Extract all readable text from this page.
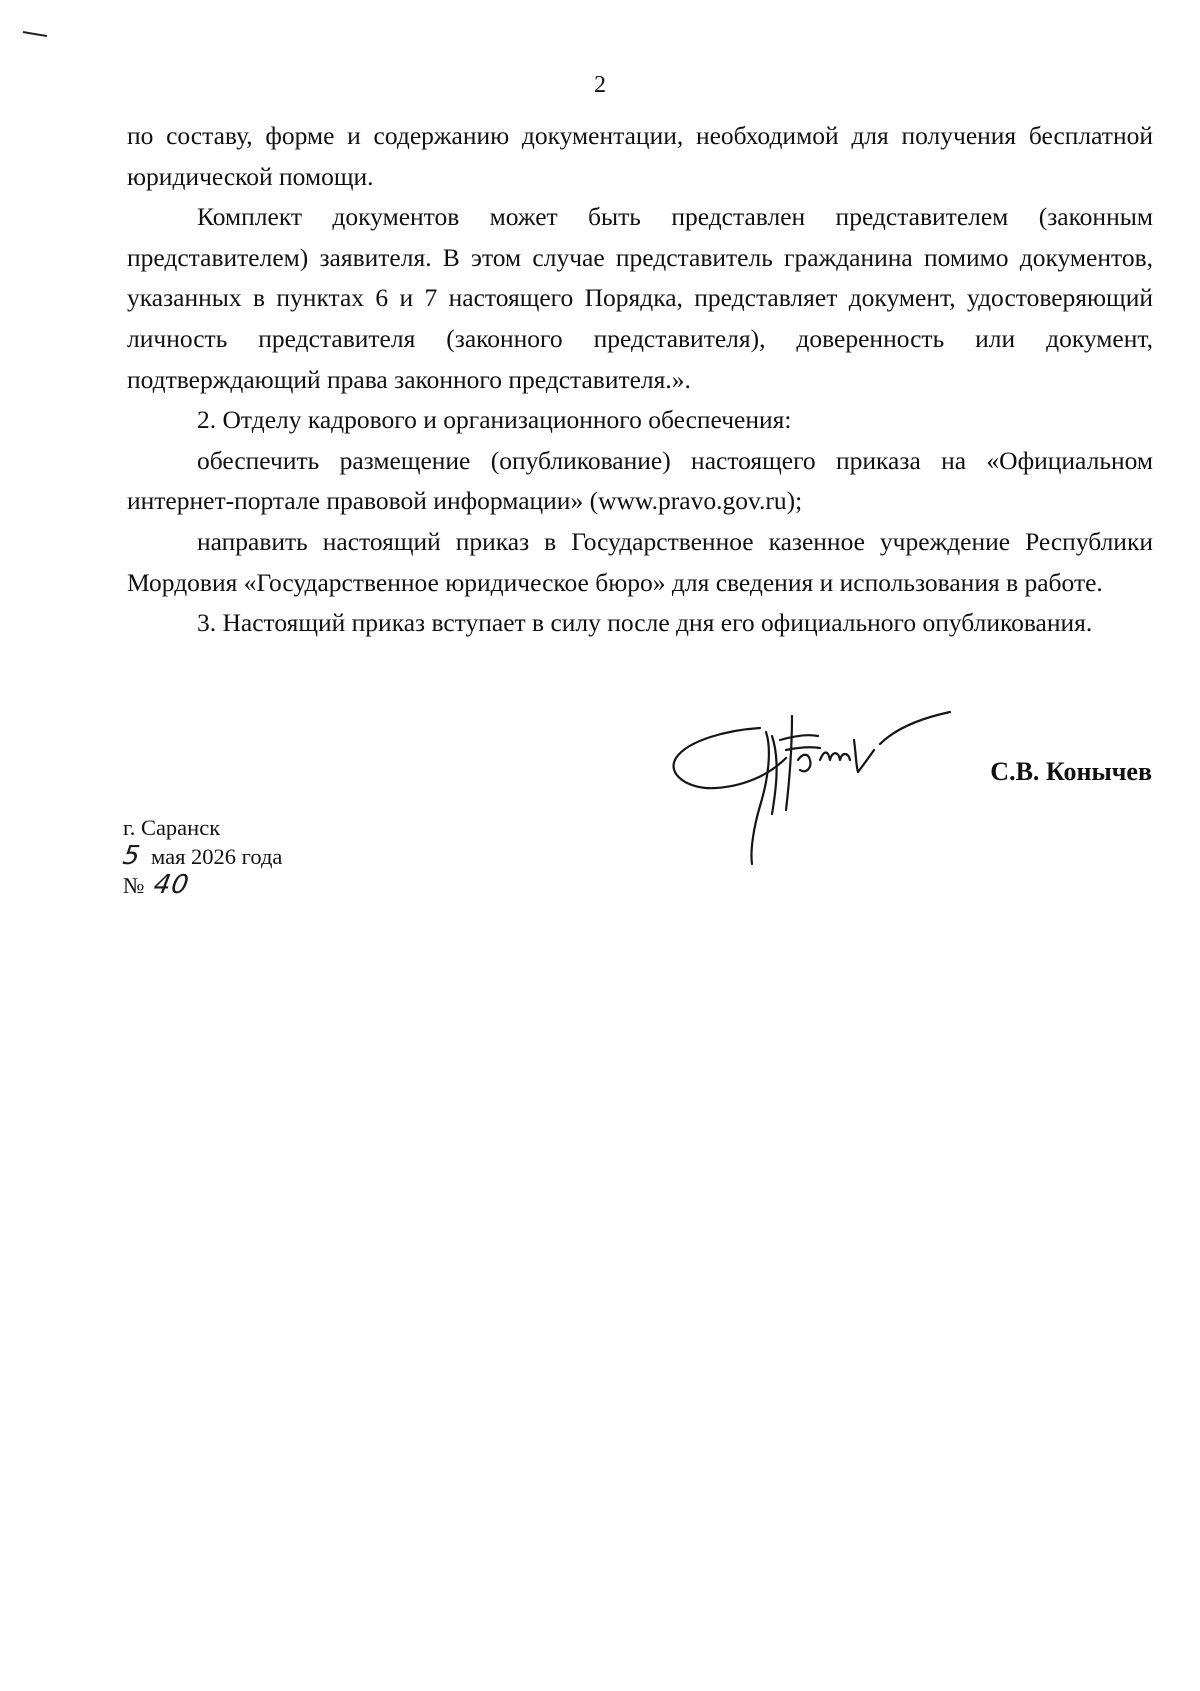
2

по составу, форме и содержанию документации, необходимой для получения бесплатной юридической помощи.

Комплект документов может быть представлен представителем (законным представителем) заявителя. В этом случае представитель гражданина помимо документов, указанных в пунктах 6 и 7 настоящего Порядка, представляет документ, удостоверяющий личность представителя (законного представителя), доверенность или документ, подтверждающий права законного представителя.».

2. Отделу кадрового и организационного обеспечения:

обеспечить размещение (опубликование) настоящего приказа на «Официальном интернет-портале правовой информации» (www.pravo.gov.ru);

направить настоящий приказ в Государственное казенное учреждение Республики Мордовия «Государственное юридическое бюро» для сведения и использования в работе.

3. Настоящий приказ вступает в силу после дня его официального опубликования.

С.В. Конычев
г. Саранск
5 мая 2026 года
№ 40
